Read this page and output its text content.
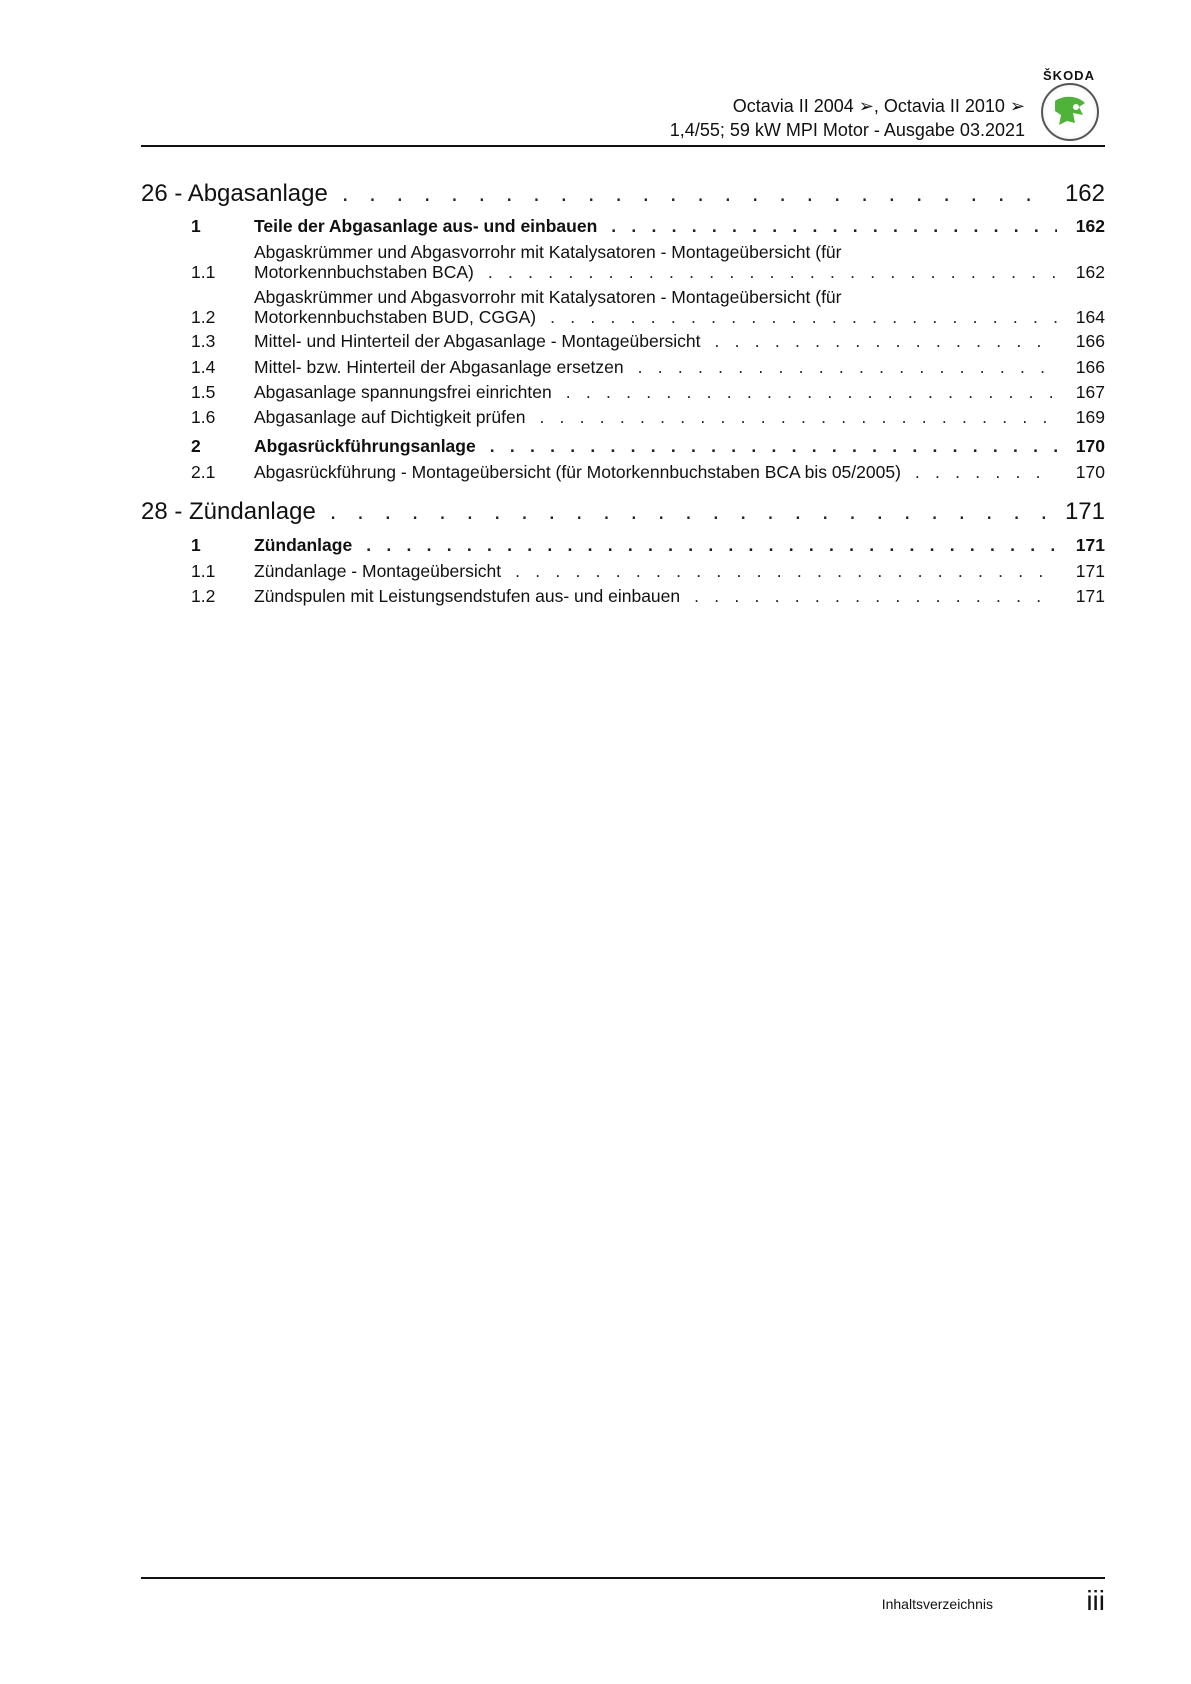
Octavia II 2004 ➢, Octavia II 2010 ➢
1,4/55; 59 kW MPI Motor - Ausgabe 03.2021
ŠKODA
26 - Abgasanlage . . .	162
1	Teile der Abgasanlage aus- und einbauen . . .	162
1.1
Abgaskrümmer und Abgasvorrohr mit Katalysatoren - Montageübersicht (für
Motorkennbuchstaben BCA) . . .	162
1.2
Abgaskrümmer und Abgasvorrohr mit Katalysatoren - Montageübersicht (für
Motorkennbuchstaben BUD, CGGA) . . .	164
1.3 Mittel- und Hinterteil der Abgasanlage - Montageübersicht . . .	166
1.4 Mittel- bzw. Hinterteil der Abgasanlage ersetzen . . .	166
1.5 Abgasanlage spannungsfrei einrichten . . .	167
1.6 Abgasanlage auf Dichtigkeit prüfen . . .	169
2	Abgasrückführungsanlage . . .	170
2.1 Abgasrückführung - Montageübersicht (für Motorkennbuchstaben BCA bis 05/2005) . . .	170
28 - Zündanlage . . .	171
1	Zündanlage . . .	171
1.1 Zündanlage - Montageübersicht . . .	171
1.2 Zündspulen mit Leistungsendstufen aus- und einbauen . . .	171
Inhaltsverzeichnis	iii
